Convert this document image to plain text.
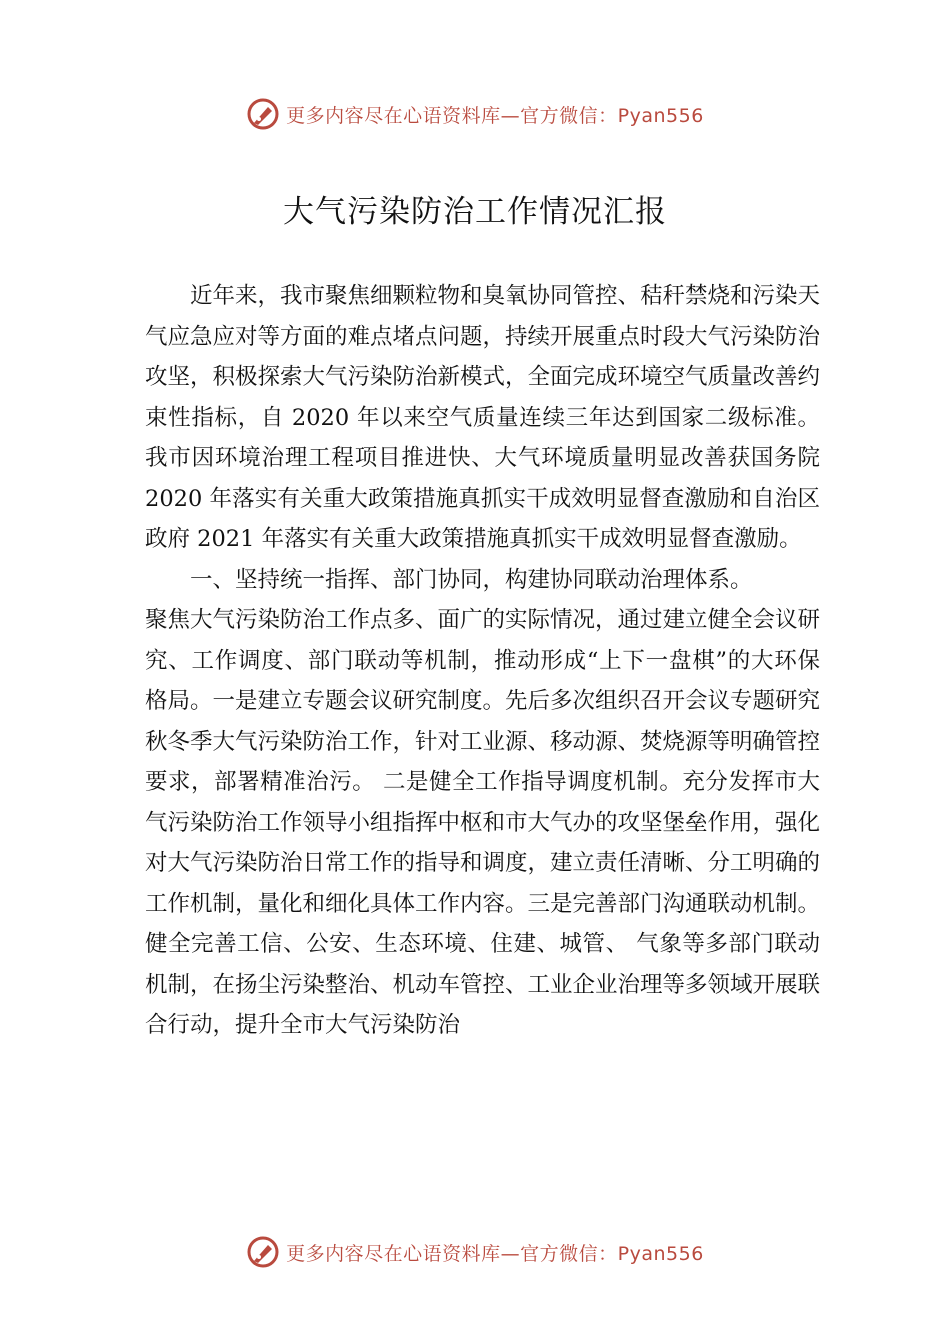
更多内容尽在心语资料库—官方微信：Pyan556
大气污染防治工作情况汇报

近年来，我市聚焦细颗粒物和臭氧协同管控、秸秆禁烧和污染天气应急应对等方面的难点堵点问题，持续开展重点时段大气污染防治攻坚，积极探索大气污染防治新模式，全面完成环境空气质量改善约束性指标，自 2020 年以来空气质量连续三年达到国家二级标准。我市因环境治理工程项目推进快、大气环境质量明显改善获国务院 2020 年落实有关重大政策措施真抓实干成效明显督查激励和自治区政府 2021 年落实有关重大政策措施真抓实干成效明显督查激励。

一、坚持统一指挥、部门协同，构建协同联动治理体系。

聚焦大气污染防治工作点多、面广的实际情况，通过建立健全会议研究、工作调度、部门联动等机制，推动形成“上下一盘棋”的大环保格局。一是建立专题会议研究制度。先后多次组织召开会议专题研究秋冬季大气污染防治工作，针对工业源、移动源、焚烧源等明确管控要求，部署精准治污。 二是健全工作指导调度机制。充分发挥市大气污染防治工作领导小组指挥中枢和市大气办的攻坚堡垒作用，强化对大气污染防治日常工作的指导和调度，建立责任清晰、分工明确的工作机制，量化和细化具体工作内容。三是完善部门沟通联动机制。健全完善工信、公安、生态环境、住建、城管、 气象等多部门联动机制，在扬尘污染整治、机动车管控、工业企业治理等多领域开展联合行动，提升全市大气污染防治

更多内容尽在心语资料库—官方微信：Pyan556
